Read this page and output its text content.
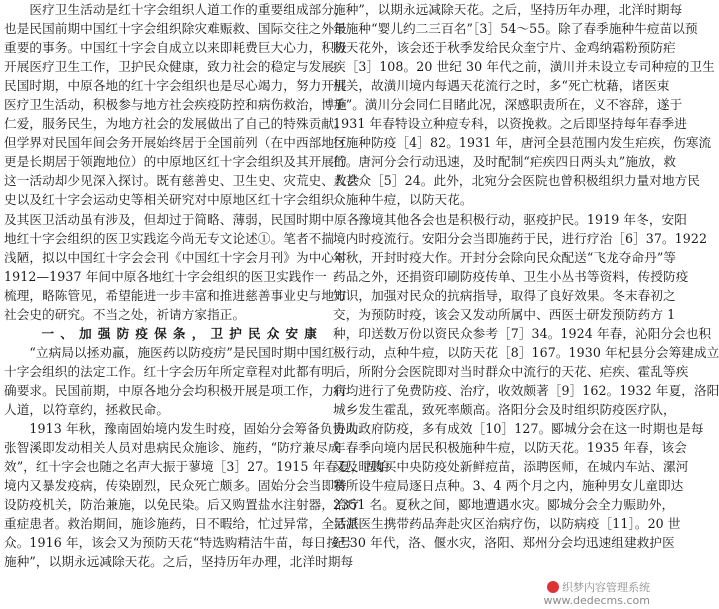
　　医疗卫生活动是红十字会组织人道工作的重要组成部分，
也是民国前期中国红十字会组织除灾难赈救、国际交往之外最
重要的事务。中国红十字会自成立以来即耗费巨大心力，积极
开展医疗卫生工作，卫护民众健康，致力社会的稳定与发展。
民国时期，中原各地的红十字会组织也是尽心竭力，努力开展
医疗卫生活动，积极参与地方社会疾疫防控和病伤救治，博施
仁爱，服务民生，为地方社会的发展做出了自己的特殊贡献。
但学界对民国年间会务开展始终居于全国前列（在中西部地区
更是长期居于领跑地位）的中原地区红十字会组织及其开展的
这一活动却少见深入探讨。既有慈善史、卫生史、灾荒史、教会
史以及红十字会运动史等相关研究对中原地区红十字会组织
及其医卫活动虽有涉及，但却过于简略、薄弱，民国时期中原各
地红十字会组织的医卫实践迄今尚无专文论述①。笔者不揣
浅陋，拟以中国红十字会会刊《中国红十字会月刊》为中心对
1912—1937 年间中原各地红十字会组织的医卫实践作一
梳理，略陈管见，希望能进一步丰富和推进慈善事业史与地方
社会史的研究。不当之处，祈请方家指正。
　　一、加强防疫保条，卫护民众安康
　　“立病局以拯劝羸，施医药以防疫疠”是民国时期中国红
十字会组织的法定工作。红十字会历年所定章程对此都有明
确要求。民国前期，中原各地分会均积极开展是项工作，力行
人道，以符章约，拯救民命。
　　1913 年秋，豫南固始境内发生时疫，固始分会筹备负责人
张智溪即发动相关人员对患病民众施诊、施药，“防疗兼尽成
效”，红十字会也随之名声大振于蓼境［3］27。1915 年春夏，固始
境内又暴发疫病，传染剧烈，民众死亡颇多。固始分会当即特
设防疫机关，防治兼施，以免民染。后又购置盐水注射器，治疗
重症患者。救治期间，施诊施药，日不暇给，忙过异常，全活甚
众。1916 年，该会又为预防天花“特选购精洁牛苗，每日按号
施种”，以期永远减除天花。之后，坚持历年办理，北洋时期每
施种”，以期永远减除天花。之后，坚持历年办理，北洋时期每
年施种“婴儿约二三百名”［3］54～55。除了春季施种牛痘苗以预
防天花外，该会还于秋季发给民众奎宁片、金鸡纳霜粉预防疟
疾［3］108。20 世纪 30 年代之前，潢川并未设立专司种痘的卫生
机关，故潢川境内每遇天花流行之时，多“死亡枕藉，诸医束
手”。潢川分会同仁目睹此况，深感职责所在，义不容辞，遂于
1931 年春特设立种痘专科，以资挽救。之后即坚持每年春季进
行施种防疫［4］82。1931 年，唐河全县范围内发生疟疾，伤寒流
行。唐河分会行动迅速，及时配制“疟疾四日两头丸”施放，救
人甚众［5］24。此外，北宛分会医院也曾积极组织力量对地方民
众施种牛痘，以防天花。
　　豫境其他各会也是积极行动，驱疫护民。1919 年冬，安阳
境内时疫流行。安阳分会当即施药于民，进行疗治［6］37。1922
年秋，开封时疫大作。开封分会除向民众配送“飞龙夺命丹”等
药品之外，还捐资印刷防疫传单、卫生小丛书等资料，传授防疫
知识，加强对民众的抗病指导，取得了良好效果。冬末春初之
交，为预防时疫，该会又发动所属中、西医士研发预防药方 1
种，印送数万份以资民众参考［7］34。1924 年春，沁阳分会也积
极行动，点种牛痘，以防天花［8］167。1930 年杞县分会筹建成立
后，所附分会医院即对当时群众中流行的天花、疟疾、霍乱等疾
病均进行了免费防疫、治疗，收效颇著［9］162。1932 年夏，洛阳
城乡发生霍乱，致死率颇高。洛阳分会及时组织防疫医疗队，
协助政府防疫，多有成效［10］127。郾城分会在这一时期也是每
年春季向境内居民积极施种牛痘，以防天花。1935 年春，该会
又及时购买中央防疫处新鲜痘苗，添聘医师，在城内车站、漯河
寨所设牛痘局逐日点种。3、4 两个月之内，施种男女儿童即达
2351 名。夏秋之间，郾地遭遇水灾。郾城分会全力赈助外，
另派医生携带药品奔赴灾区治病疗伤，以防病疫［11］。20 世
纪 30 年代，洛、偃水灾，洛阳、郑州分会均迅速组建救护医
织梦内容管理系统
www.dedecms.com
